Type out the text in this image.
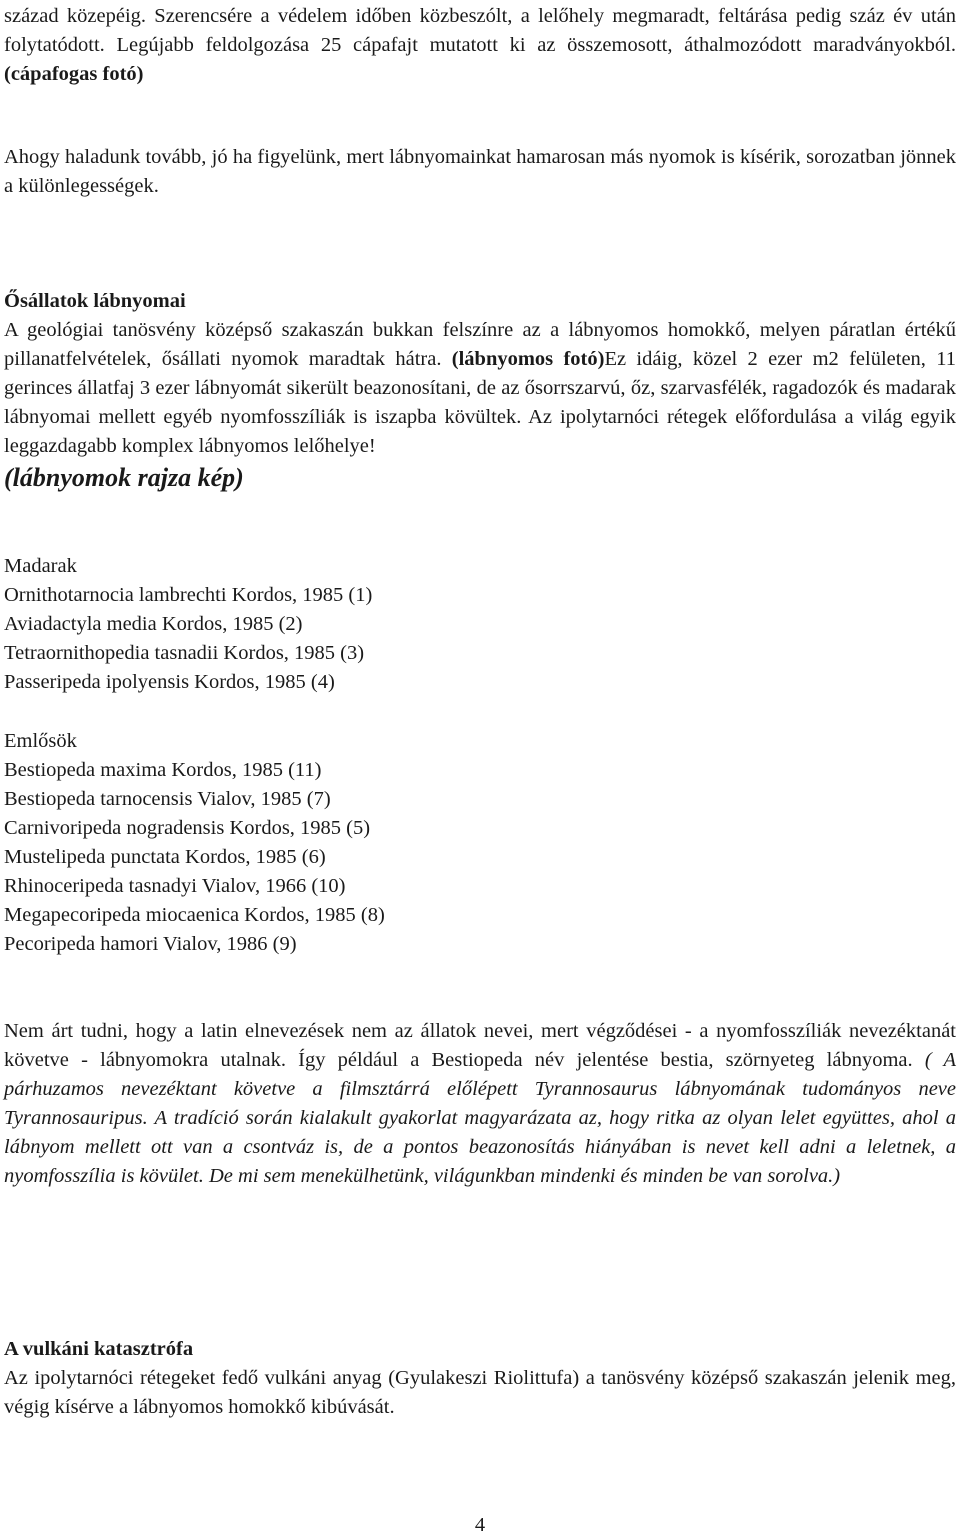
század közepéig. Szerencsére a védelem időben közbeszólt, a lelőhely megmaradt, feltárása pedig száz év után folytatódott. Legújabb feldolgozása 25 cápafajt mutatott ki az összemosott, áthalmozódott maradványokból. (cápafogas fotó)

Ahogy haladunk tovább, jó ha figyelünk, mert lábnyomainkat hamarosan más nyomok is kísérik, sorozatban jönnek a különlegességek.

Ősállatok lábnyomai

A geológiai tanösvény középső szakaszán bukkan felszínre az a lábnyomos homokkő, melyen páratlan értékű pillanatfelvételek, ősállati nyomok maradtak hátra. (lábnyomos fotó)Ez idáig, közel 2 ezer m2 felületen, 11 gerinces állatfaj 3 ezer lábnyomát sikerült beazonosítani, de az ősorrszarvú, őz, szarvasfélék, ragadozók és madarak lábnyomai mellett egyéb nyomfosszíliák is iszapba kövültek. Az ipolytarnóci rétegek előfordulása a világ egyik leggazdagabb komplex lábnyomos lelőhelye!

(lábnyomok rajza kép)

Madarak

Ornithotarnocia lambrechti Kordos, 1985 (1)

Aviadactyla media Kordos, 1985 (2)

Tetraornithopedia tasnadii Kordos, 1985 (3)

Passeripeda ipolyensis Kordos, 1985 (4)

Emlősök

Bestiopeda maxima Kordos, 1985 (11)

Bestiopeda tarnocensis Vialov, 1985 (7)

Carnivoripeda nogradensis Kordos, 1985 (5)

Mustelipeda punctata Kordos, 1985 (6)

Rhinoceripeda tasnadyi Vialov, 1966 (10)

Megapecoripeda miocaenica Kordos, 1985 (8)

Pecoripeda hamori Vialov, 1986 (9)

Nem árt tudni, hogy a latin elnevezések nem az állatok nevei, mert végződései - a nyomfosszíliák nevezéktanát követve - lábnyomokra utalnak. Így például a Bestiopeda név jelentése bestia, szörnyeteg lábnyoma. ( A párhuzamos nevezéktant követve a filmsztárrá előlépett Tyrannosaurus lábnyomának tudományos neve Tyrannosauripus. A tradíció során kialakult gyakorlat magyarázata az, hogy ritka az olyan lelet együttes, ahol a lábnyom mellett ott van a csontváz is, de a pontos beazonosítás hiányában is nevet kell adni a leletnek, a nyomfosszília is kövület. De mi sem menekülhetünk, világunkban mindenki és minden be van sorolva.)

A vulkáni katasztrófa

Az ipolytarnóci rétegeket fedő vulkáni anyag (Gyulakeszi Riolittufa) a tanösvény középső szakaszán jelenik meg, végig kísérve a lábnyomos homokkő kibúvását.

4
